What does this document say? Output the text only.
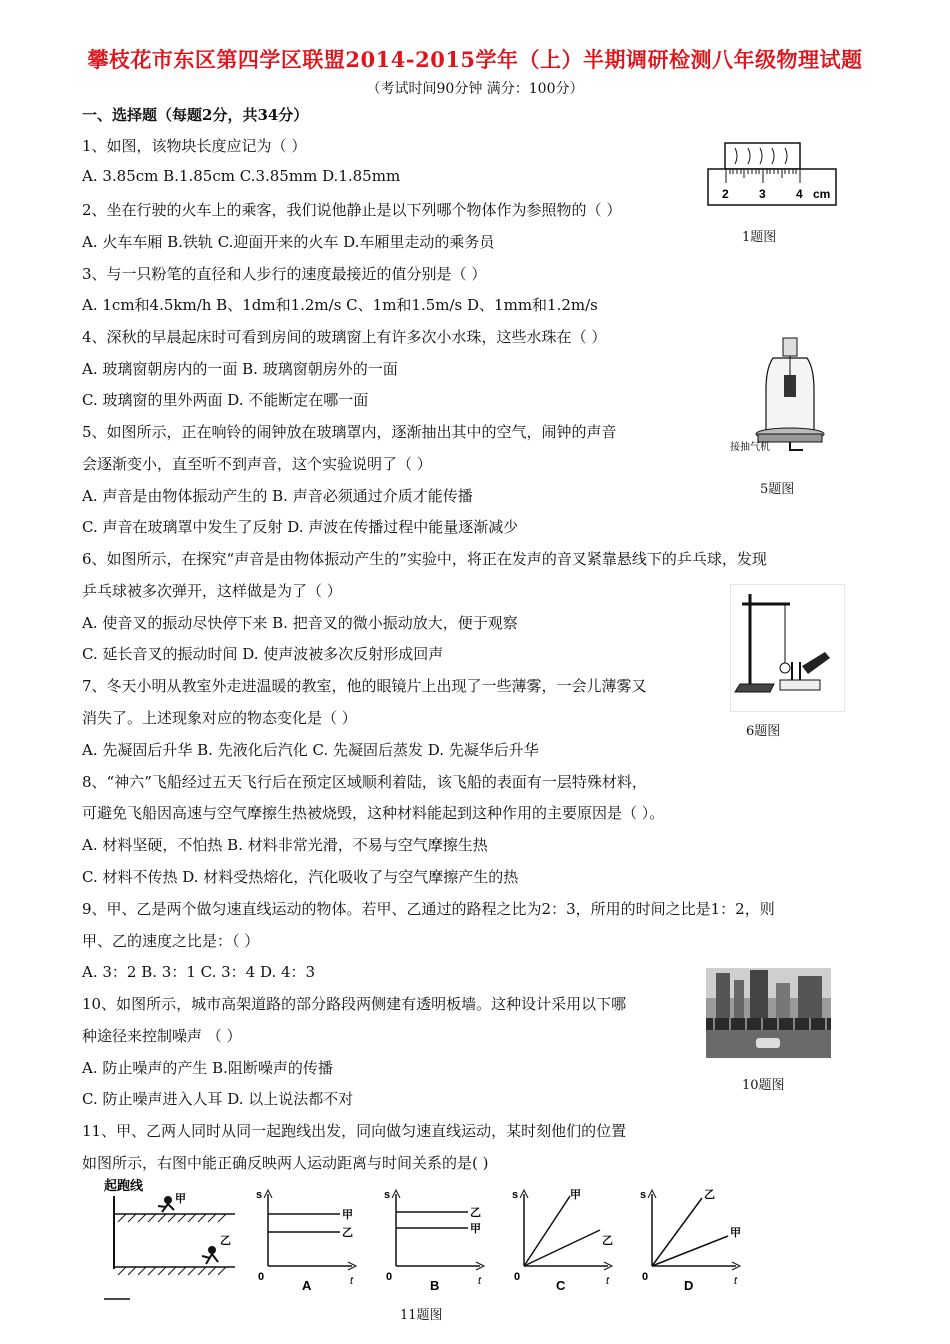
攀枝花市东区第四学区联盟2014-2015学年（上）半期调研检测八年级物理试题
（考试时间90分钟 满分：100分）
一、选择题（每题2分，共34分）
1、如图，该物块长度应记为（ ）
A. 3.85cm B.1.85cm C.3.85mm D.1.85mm
2、坐在行驶的火车上的乘客，我们说他静止是以下列哪个物体作为参照物的（ ）
A. 火车车厢 B.铁轨 C.迎面开来的火车 D.车厢里走动的乘务员
3、与一只粉笔的直径和人步行的速度最接近的值分别是（ ）
A. 1cm和4.5km/h B、1dm和1.2m/s C、1m和1.5m/s D、1mm和1.2m/s
4、深秋的早晨起床时可看到房间的玻璃窗上有许多次小水珠，这些水珠在（ ）
A. 玻璃窗朝房内的一面 B. 玻璃窗朝房外的一面
C. 玻璃窗的里外两面 D. 不能断定在哪一面
5、如图所示，正在响铃的闹钟放在玻璃罩内，逐渐抽出其中的空气，闹钟的声音
会逐渐变小，直至听不到声音，这个实验说明了（ ）
A. 声音是由物体振动产生的 B. 声音必须通过介质才能传播
C. 声音在玻璃罩中发生了反射 D. 声波在传播过程中能量逐渐减少
6、如图所示，在探究“声音是由物体振动产生的”实验中，将正在发声的音叉紧靠悬线下的乒乓球，发现
乒乓球被多次弹开，这样做是为了（ ）
A. 使音叉的振动尽快停下来 B. 把音叉的微小振动放大，便于观察
C. 延长音叉的振动时间 D. 使声波被多次反射形成回声
7、冬天小明从教室外走进温暖的教室，他的眼镜片上出现了一些薄雾，一会儿薄雾又
消失了。上述现象对应的物态变化是（ ）
A. 先凝固后升华 B. 先液化后汽化 C. 先凝固后蒸发 D. 先凝华后升华
8、“神六”飞船经过五天飞行后在预定区域顺利着陆，该飞船的表面有一层特殊材料，
可避免飞船因高速与空气摩擦生热被烧毁，这种材料能起到这种作用的主要原因是（ ）。
A. 材料坚硬，不怕热 B. 材料非常光滑，不易与空气摩擦生热
C. 材料不传热 D. 材料受热熔化，汽化吸收了与空气摩擦产生的热
9、甲、乙是两个做匀速直线运动的物体。若甲、乙通过的路程之比为2：3，所用的时间之比是1：2，则
甲、乙的速度之比是：（ ）
A. 3：2 B. 3：1 C. 3：4 D. 4：3
10、如图所示，城市高架道路的部分路段两侧建有透明板墙。这种设计采用以下哪
种途径来控制噪声 （ ）
A. 防止噪声的产生 B.阻断噪声的传播
C. 防止噪声进入人耳 D. 以上说法都不对
11、甲、乙两人同时从同一起跑线出发，同向做匀速直线运动，某时刻他们的位置
如图所示，右图中能正确反映两人运动距离与时间关系的是( )
2	3	4 cm
1题图
接抽气机
5题图
6题图
10题图
起跑线
甲
乙
s
0	t
甲
乙
A
s
0	t
乙
甲
B
s
0	t
甲
乙
C
s
0	t
乙
甲
D
11题图
